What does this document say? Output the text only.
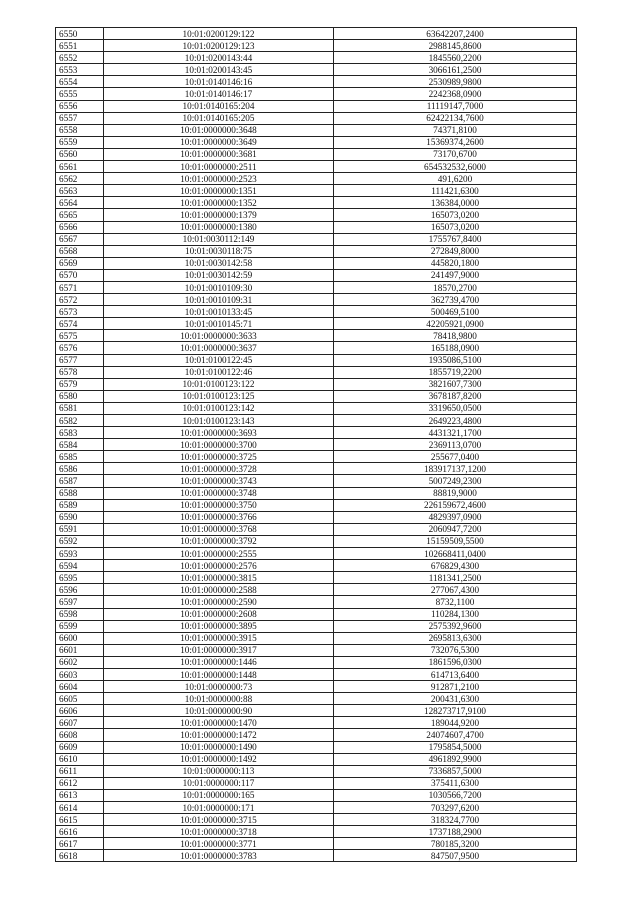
6550	10:01:0200129:122	63642207,2400
6551	10:01:0200129:123	2988145,8600
6552	10:01:0200143:44	1845560,2200
6553	10:01:0200143:45	3066161,2500
6554	10:01:0140146:16	2530989,9800
6555	10:01:0140146:17	2242368,0900
6556	10:01:0140165:204	11119147,7000
6557	10:01:0140165:205	62422134,7600
6558	10:01:0000000:3648	74371,8100
6559	10:01:0000000:3649	15369374,2600
6560	10:01:0000000:3681	73170,6700
6561	10:01:0000000:2511	654532532,6000
6562	10:01:0000000:2523	491,6200
6563	10:01:0000000:1351	111421,6300
6564	10:01:0000000:1352	136384,0000
6565	10:01:0000000:1379	165073,0200
6566	10:01:0000000:1380	165073,0200
6567	10:01:0030112:149	1755767,8400
6568	10:01:0030118:75	272849,8000
6569	10:01:0030142:58	445820,1800
6570	10:01:0030142:59	241497,9000
6571	10:01:0010109:30	18570,2700
6572	10:01:0010109:31	362739,4700
6573	10:01:0010133:45	500469,5100
6574	10:01:0010145:71	42205921,0900
6575	10:01:0000000:3633	78418,9800
6576	10:01:0000000:3637	165188,0900
6577	10:01:0100122:45	1935086,5100
6578	10:01:0100122:46	1855719,2200
6579	10:01:0100123:122	3821607,7300
6580	10:01:0100123:125	3678187,8200
6581	10:01:0100123:142	3319650,0500
6582	10:01:0100123:143	2649223,4800
6583	10:01:0000000:3693	4431321,1700
6584	10:01:0000000:3700	2369113,0700
6585	10:01:0000000:3725	255677,0400
6586	10:01:0000000:3728	183917137,1200
6587	10:01:0000000:3743	5007249,2300
6588	10:01:0000000:3748	88819,9000
6589	10:01:0000000:3750	226159672,4600
6590	10:01:0000000:3766	4829397,0900
6591	10:01:0000000:3768	2060947,7200
6592	10:01:0000000:3792	15159509,5500
6593	10:01:0000000:2555	102668411,0400
6594	10:01:0000000:2576	676829,4300
6595	10:01:0000000:3815	1181341,2500
6596	10:01:0000000:2588	277067,4300
6597	10:01:0000000:2590	8732,1100
6598	10:01:0000000:2608	110284,1300
6599	10:01:0000000:3895	2575392,9600
6600	10:01:0000000:3915	2695813,6300
6601	10:01:0000000:3917	732076,5300
6602	10:01:0000000:1446	1861596,0300
6603	10:01:0000000:1448	614713,6400
6604	10:01:0000000:73	912871,2100
6605	10:01:0000000:88	200431,6300
6606	10:01:0000000:90	128273717,9100
6607	10:01:0000000:1470	189044,9200
6608	10:01:0000000:1472	24074607,4700
6609	10:01:0000000:1490	1795854,5000
6610	10:01:0000000:1492	4961892,9900
6611	10:01:0000000:113	7336857,5000
6612	10:01:0000000:117	375411,6300
6613	10:01:0000000:165	1030566,7200
6614	10:01:0000000:171	703297,6200
6615	10:01:0000000:3715	318324,7700
6616	10:01:0000000:3718	1737188,2900
6617	10:01:0000000:3771	780185,3200
6618	10:01:0000000:3783	847507,9500
